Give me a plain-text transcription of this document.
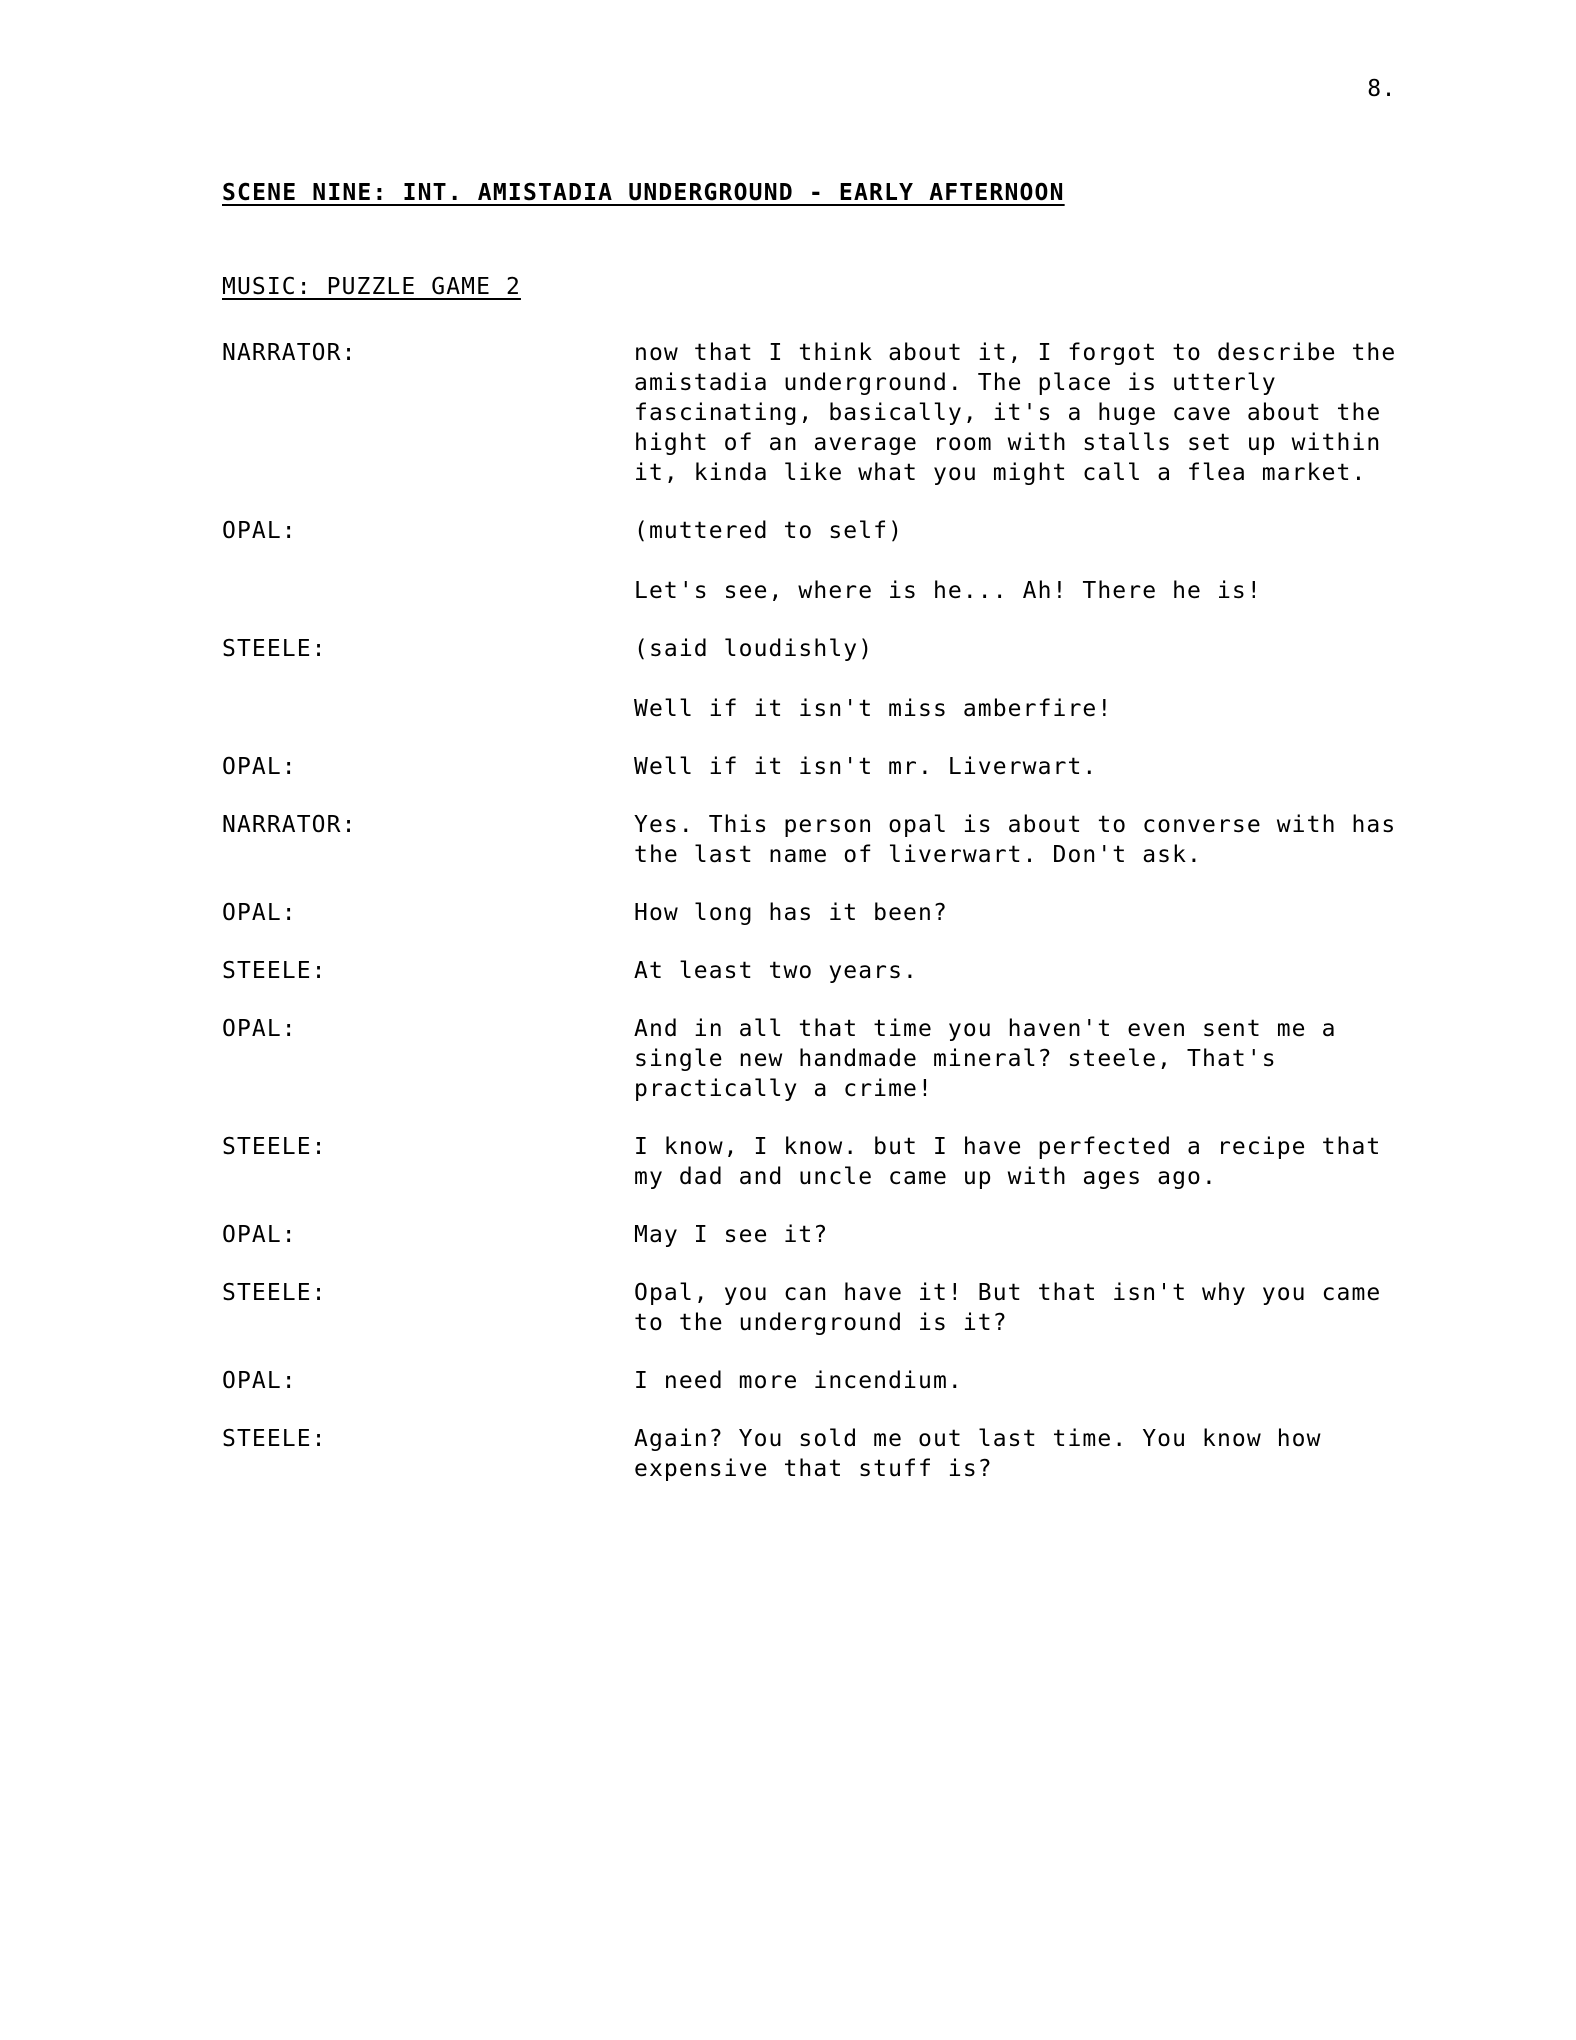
8.
SCENE NINE: INT. AMISTADIA UNDERGROUND - EARLY AFTERNOON
MUSIC: PUZZLE GAME 2
NARRATOR:	now that I think about it, I forgot to describe the amistadia underground. The place is utterly fascinating, basically, it's a huge cave about the hight of an average room with stalls set up within it, kinda like what you might call a flea market.

OPAL:	(muttered to self)

Let's see, where is he... Ah! There he is!

STEELE:	(said loudishly)

Well if it isn't miss amberfire!

OPAL:	Well if it isn't mr. Liverwart.

NARRATOR:	Yes. This person opal is about to converse with has the last name of liverwart. Don't ask.

OPAL:	How long has it been?

STEELE:	At least two years.

OPAL:	And in all that time you haven't even sent me a single new handmade mineral? steele, That's practically a crime!

STEELE:	I know, I know. but I have perfected a recipe that my dad and uncle came up with ages ago.

OPAL:	May I see it?

STEELE:	Opal, you can have it! But that isn't why you came to the underground is it?

OPAL:	I need more incendium.

STEELE:	Again? You sold me out last time. You know how expensive that stuff is?
